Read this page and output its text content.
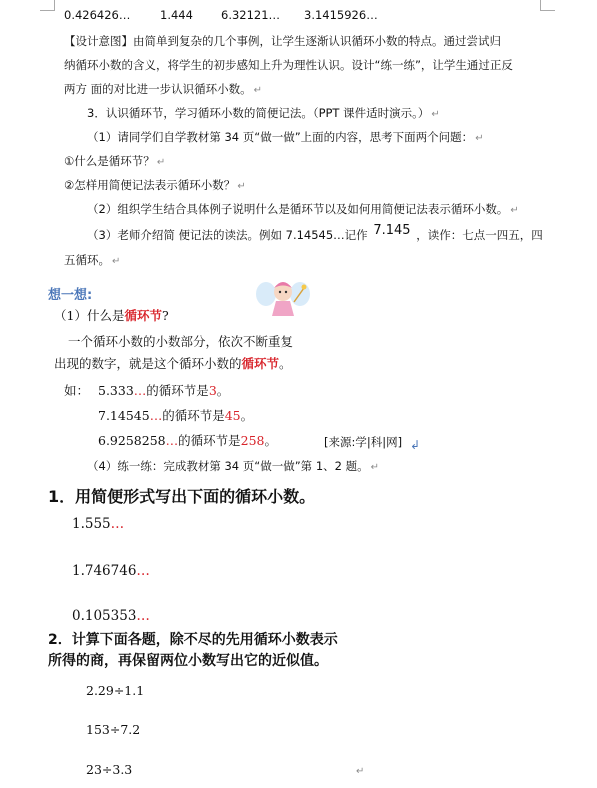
0.426426…	1.444 6.32121… 3.1415926…
【设计意图】由简单到复杂的几个事例，让学生逐渐认识循环小数的特点。通过尝试归
纳循环小数的含义，将学生的初步感知上升为理性认识。设计“练一练”，让学生通过正反
两方 面的对比进一步认识循环小数。 ↵
3．认识循环节，学习循环小数的简便记法。（PPT 课件适时演示。） ↵
（1）请同学们自学教材第 34 页“做一做”上面的内容，思考下面两个问题： ↵
①什么是循环节？ ↵
②怎样用简便记法表示循环小数？ ↵
（2）组织学生结合具体例子说明什么是循环节以及如何用简便记法表示循环小数。 ↵
（3）老师介绍简 便记法的读法。例如 7.14545…记作 7.145 ，读作：七点一四五，四
五循环。 ↵
想一想:
（1）什么是循环节?
一个循环小数的小数部分，依次不断重复
出现的数字，就是这个循环小数的循环节。
如： 5.333…的循环节是3。
7.14545…的循环节是45。
6.9258258…的循环节是258。	[来源:学|科|网] ↲
（4）练一练：完成教材第 34 页“做一做”第 1、2 题。 ↵
1．用简便形式写出下面的循环小数。
1.555…
1.746746…
0.105353…
2．计算下面各题，除不尽的先用循环小数表示
所得的商，再保留两位小数写出它的近似值。
2.29÷1.1
153÷7.2
23÷3.3	↵
